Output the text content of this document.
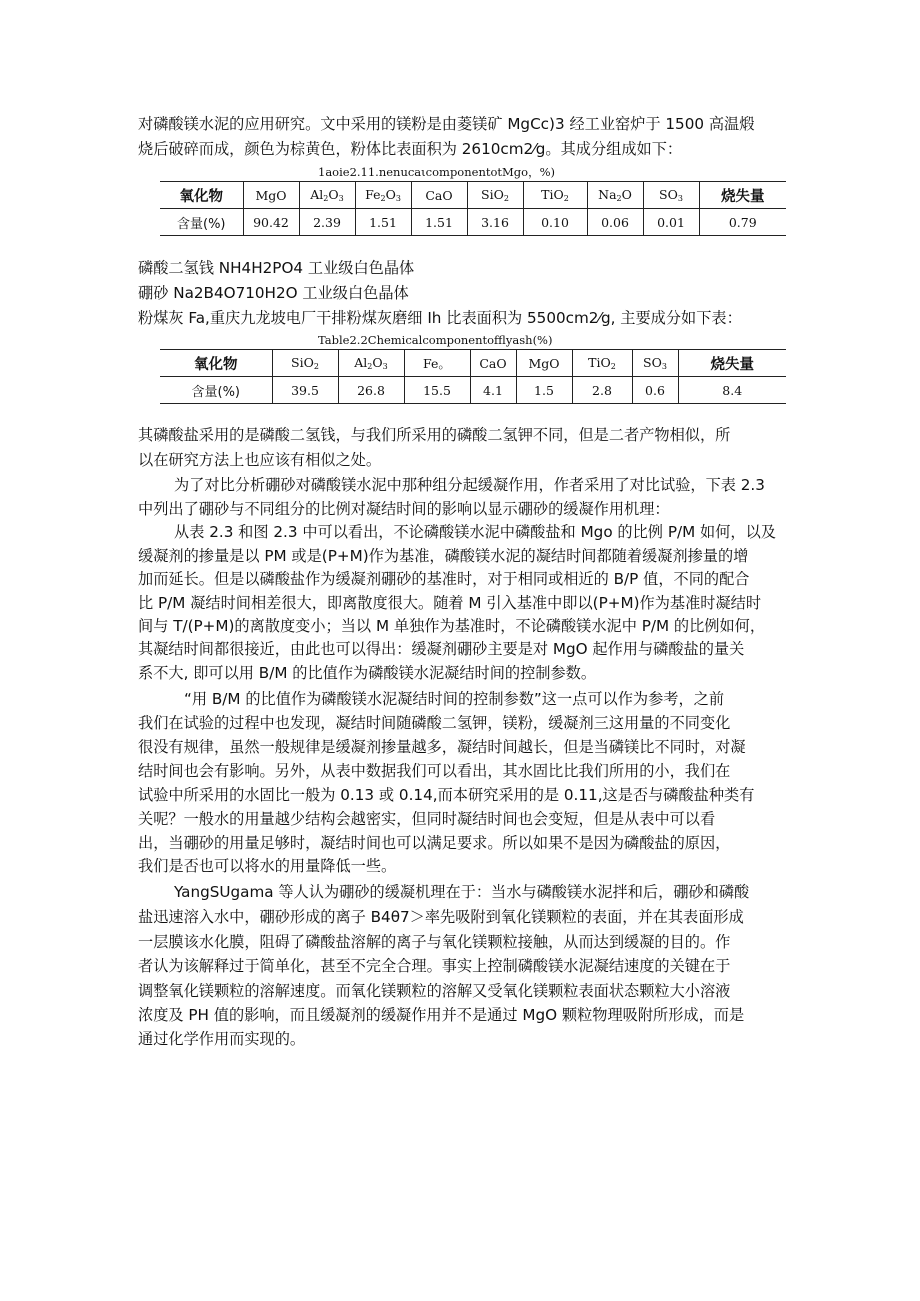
对磷酸镁水泥的应用研究。文中采用的镁粉是由菱镁矿 MgCc)3 经工业窑炉于 1500 高温煅
烧后破碎而成，颜色为棕黄色，粉体比表面积为 2610cm2⁄g。其成分组成如下：
1aoie2.11.nenucaιcomponentotMgo，%)
氧化物	MgO	$Al_2O_3$	$Fe_2O_3$	CaO	SiO$_2$	TiO$_2$	$Na_2O$	$SO_3$	烧失量
含量(%)	90.42	2.39	1.51	1.51	3.16	0.10	0.06	0.01	0.79
磷酸二氢钱 NH4H2PO4 工业级白色晶体
硼砂 Na2B4O710H2O 工业级白色晶体
粉煤灰 Fa,重庆九龙坡电厂干排粉煤灰磨细 Ih 比表面积为 5500cm2⁄g, 主要成分如下表：
Table2.2Chemicalcomponentofflyash(%)
氧化物	SiO$_2$	$Al_2O_3$	Fe。	CaO	MgO	TiO$_2$	$SO_3$	烧失量
含量(%)	39.5	26.8	15.5	4.1	1.5	2.8	0.6	8.4
其磷酸盐采用的是磷酸二氢钱，与我们所采用的磷酸二氢钾不同，但是二者产物相似，所
以在研究方法上也应该有相似之处。
为了对比分析硼砂对磷酸镁水泥中那种组分起缓凝作用，作者采用了对比试验，下表 2.3
中列出了硼砂与不同组分的比例对凝结时间的影响以显示硼砂的缓凝作用机理：
从表 2.3 和图 2.3 中可以看出，不论磷酸镁水泥中磷酸盐和 Mgo 的比例 P/M 如何，以及
缓凝剂的掺量是以 PM 或是(P+M)作为基准，磷酸镁水泥的凝结时间都随着缓凝剂掺量的增
加而延长。但是以磷酸盐作为缓凝剂硼砂的基准时，对于相同或相近的 B/P 值，不同的配合
比 P/M 凝结时间相差很大，即离散度很大。随着 M 引入基准中即以(P+M)作为基准时凝结时
间与 T/(P+M)的离散度变小；当以 M 单独作为基准时，不论磷酸镁水泥中 P/M 的比例如何，
其凝结时间都很接近，由此也可以得出：缓凝剂硼砂主要是对 MgO 起作用与磷酸盐的量关
系不大, 即可以用 B/M 的比值作为磷酸镁水泥凝结时间的控制参数。
“用 B/M 的比值作为磷酸镁水泥凝结时间的控制参数”这一点可以作为参考，之前
我们在试验的过程中也发现，凝结时间随磷酸二氢钾，镁粉，缓凝剂三这用量的不同变化
很没有规律，虽然一般规律是缓凝剂掺量越多，凝结时间越长，但是当磷镁比不同时，对凝
结时间也会有影响。另外，从表中数据我们可以看出，其水固比比我们所用的小，我们在
试验中所采用的水固比一般为 0.13 或 0.14,而本研究采用的是 0.11,这是否与磷酸盐种类有
关呢？一般水的用量越少结构会越密实，但同时凝结时间也会变短，但是从表中可以看
出，当硼砂的用量足够时，凝结时间也可以满足要求。所以如果不是因为磷酸盐的原因，
我们是否也可以将水的用量降低一些。
YangSUgama 等人认为硼砂的缓凝机理在于：当水与磷酸镁水泥拌和后，硼砂和磷酸
盐迅速溶入水中，硼砂形成的离子 B4θ7＞率先吸附到氧化镁颗粒的表面，并在其表面形成
一层膜该水化膜，阻碍了磷酸盐溶解的离子与氧化镁颗粒接触，从而达到缓凝的目的。作
者认为该解释过于简单化，甚至不完全合理。事实上控制磷酸镁水泥凝结速度的关键在于
调整氧化镁颗粒的溶解速度。而氧化镁颗粒的溶解又受氧化镁颗粒表面状态颗粒大小溶液
浓度及 PH 值的影响，而且缓凝剂的缓凝作用并不是通过 MgO 颗粒物理吸附所形成，而是
通过化学作用而实现的。
